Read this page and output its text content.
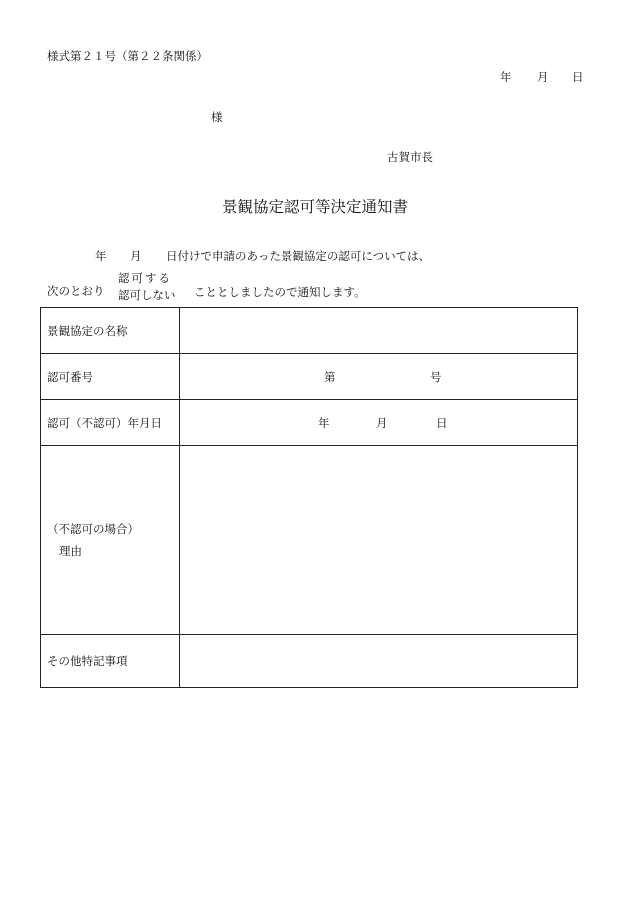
様式第２１号（第２２条関係）
年 月 日
様
古賀市長
景観協定認可等決定通知書
年 月 日付けで申請のあった景観協定の認可については、
次のとおり
認可する
認可しない こととしましたので通知します。
景観協定の名称	
認可番号	第 号

認可（不認可）年月日	年 月 日

（不認可の場合）
理由	

その他特記事項	
